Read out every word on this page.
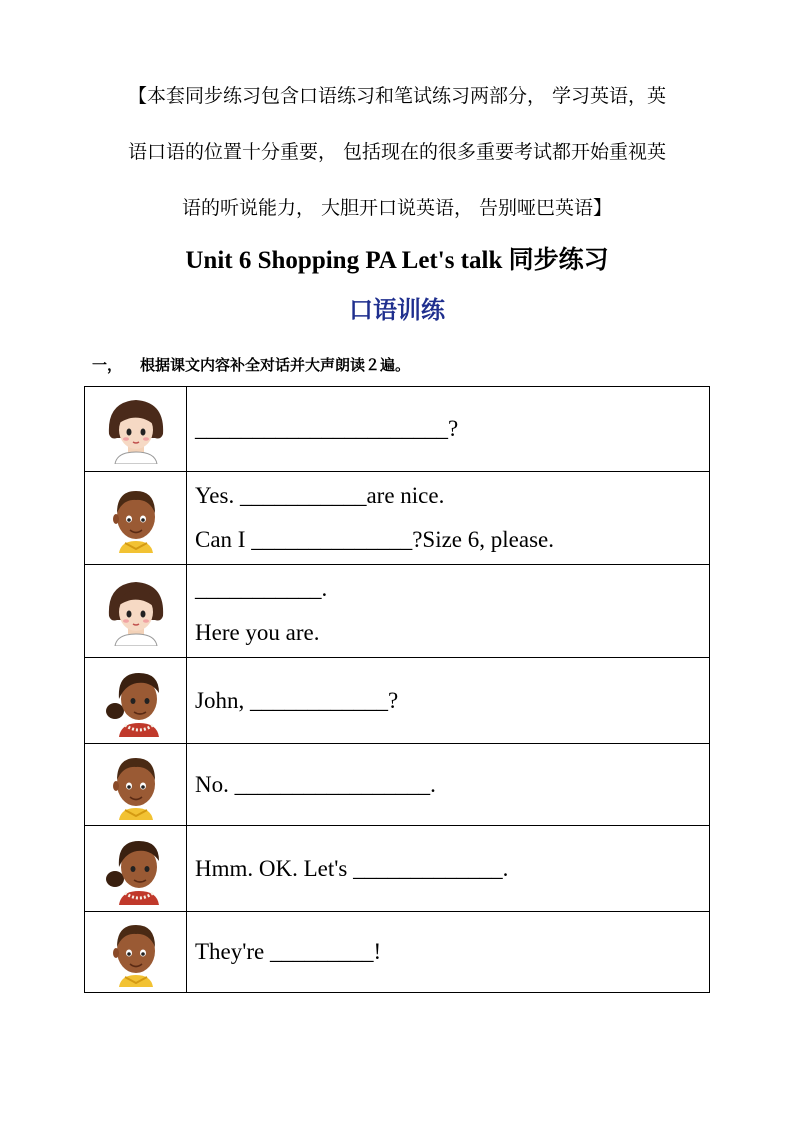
【本套同步练习包含口语练习和笔试练习两部分， 学习英语，英
语口语的位置十分重要， 包括现在的很多重要考试都开始重视英
语的听说能力， 大胆开口说英语， 告别哑巴英语】
Unit 6 Shopping PA Let's talk 同步练习
口语训练
一， 根据课文内容补全对话并大声朗读２遍。

______________________?

Yes. ___________are nice.
Can I ______________?Size 6, please.

___________.
Here you are.

John, ____________?

No. _________________.

Hmm. OK. Let's _____________.

They're _________!
